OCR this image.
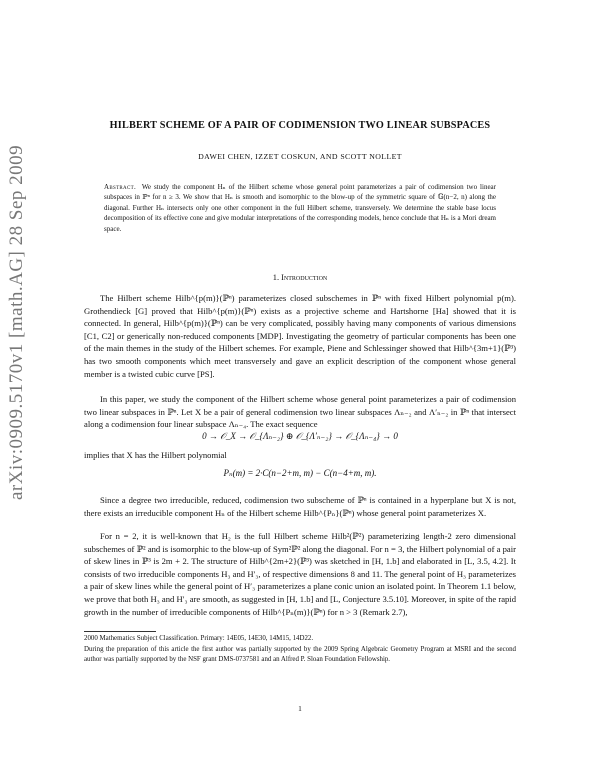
arXiv:0909.5170v1 [math.AG] 28 Sep 2009
HILBERT SCHEME OF A PAIR OF CODIMENSION TWO LINEAR SUBSPACES
DAWEI CHEN, IZZET COSKUN, AND SCOTT NOLLET
Abstract. We study the component Hₙ of the Hilbert scheme whose general point parameterizes a pair of codimension two linear subspaces in ℙⁿ for n ≥ 3. We show that Hₙ is smooth and isomorphic to the blow-up of the symmetric square of 𝔾(n−2, n) along the diagonal. Further Hₙ intersects only one other component in the full Hilbert scheme, transversely. We determine the stable base locus decomposition of its effective cone and give modular interpretations of the corresponding models, hence conclude that Hₙ is a Mori dream space.
1. Introduction
The Hilbert scheme Hilb^{p(m)}(ℙⁿ) parameterizes closed subschemes in ℙⁿ with fixed Hilbert polynomial p(m). Grothendieck [G] proved that Hilb^{p(m)}(ℙⁿ) exists as a projective scheme and Hartshorne [Ha] showed that it is connected. In general, Hilb^{p(m)}(ℙⁿ) can be very complicated, possibly having many components of various dimensions [C1, C2] or generically non-reduced components [MDP]. Investigating the geometry of particular components has been one of the main themes in the study of the Hilbert schemes. For example, Piene and Schlessinger showed that Hilb^{3m+1}(ℙ³) has two smooth components which meet transversely and gave an explicit description of the component whose general member is a twisted cubic curve [PS].
In this paper, we study the component of the Hilbert scheme whose general point parameterizes a pair of codimension two linear subspaces in ℙⁿ. Let X be a pair of general codimension two linear subspaces Λₙ₋₂ and Λ′ₙ₋₂ in ℙⁿ that intersect along a codimension four linear subspace Λₙ₋₄. The exact sequence
0 → 𝒪_X → 𝒪_{Λₙ₋₂} ⊕ 𝒪_{Λ′ₙ₋₂} → 𝒪_{Λₙ₋₄} → 0
implies that X has the Hilbert polynomial
Pₙ(m) = 2·C(n−2+m, m) − C(n−4+m, m).
Since a degree two irreducible, reduced, codimension two subscheme of ℙⁿ is contained in a hyperplane but X is not, there exists an irreducible component Hₙ of the Hilbert scheme Hilb^{Pₙ}(ℙⁿ) whose general point parameterizes X.
For n = 2, it is well-known that H₂ is the full Hilbert scheme Hilb²(ℙ²) parameterizing length-2 zero dimensional subschemes of ℙ² and is isomorphic to the blow-up of Sym²ℙ² along the diagonal. For n = 3, the Hilbert polynomial of a pair of skew lines in ℙ³ is 2m + 2. The structure of Hilb^{2m+2}(ℙ³) was sketched in [H, 1.b] and elaborated in [L, 3.5, 4.2]. It consists of two irreducible components H₃ and H′₃, of respective dimensions 8 and 11. The general point of H₃ parameterizes a pair of skew lines while the general point of H′₃ parameterizes a plane conic union an isolated point. In Theorem 1.1 below, we prove that both H₃ and H′₃ are smooth, as suggested in [H, 1.b] and [L, Conjecture 3.5.10]. Moreover, in spite of the rapid growth in the number of irreducible components of Hilb^{Pₙ(m)}(ℙⁿ) for n > 3 (Remark 2.7),
2000 Mathematics Subject Classification. Primary: 14E05, 14E30, 14M15, 14D22.
During the preparation of this article the first author was partially supported by the 2009 Spring Algebraic Geometry Program at MSRI and the second author was partially supported by the NSF grant DMS-0737581 and an Alfred P. Sloan Foundation Fellowship.
1
